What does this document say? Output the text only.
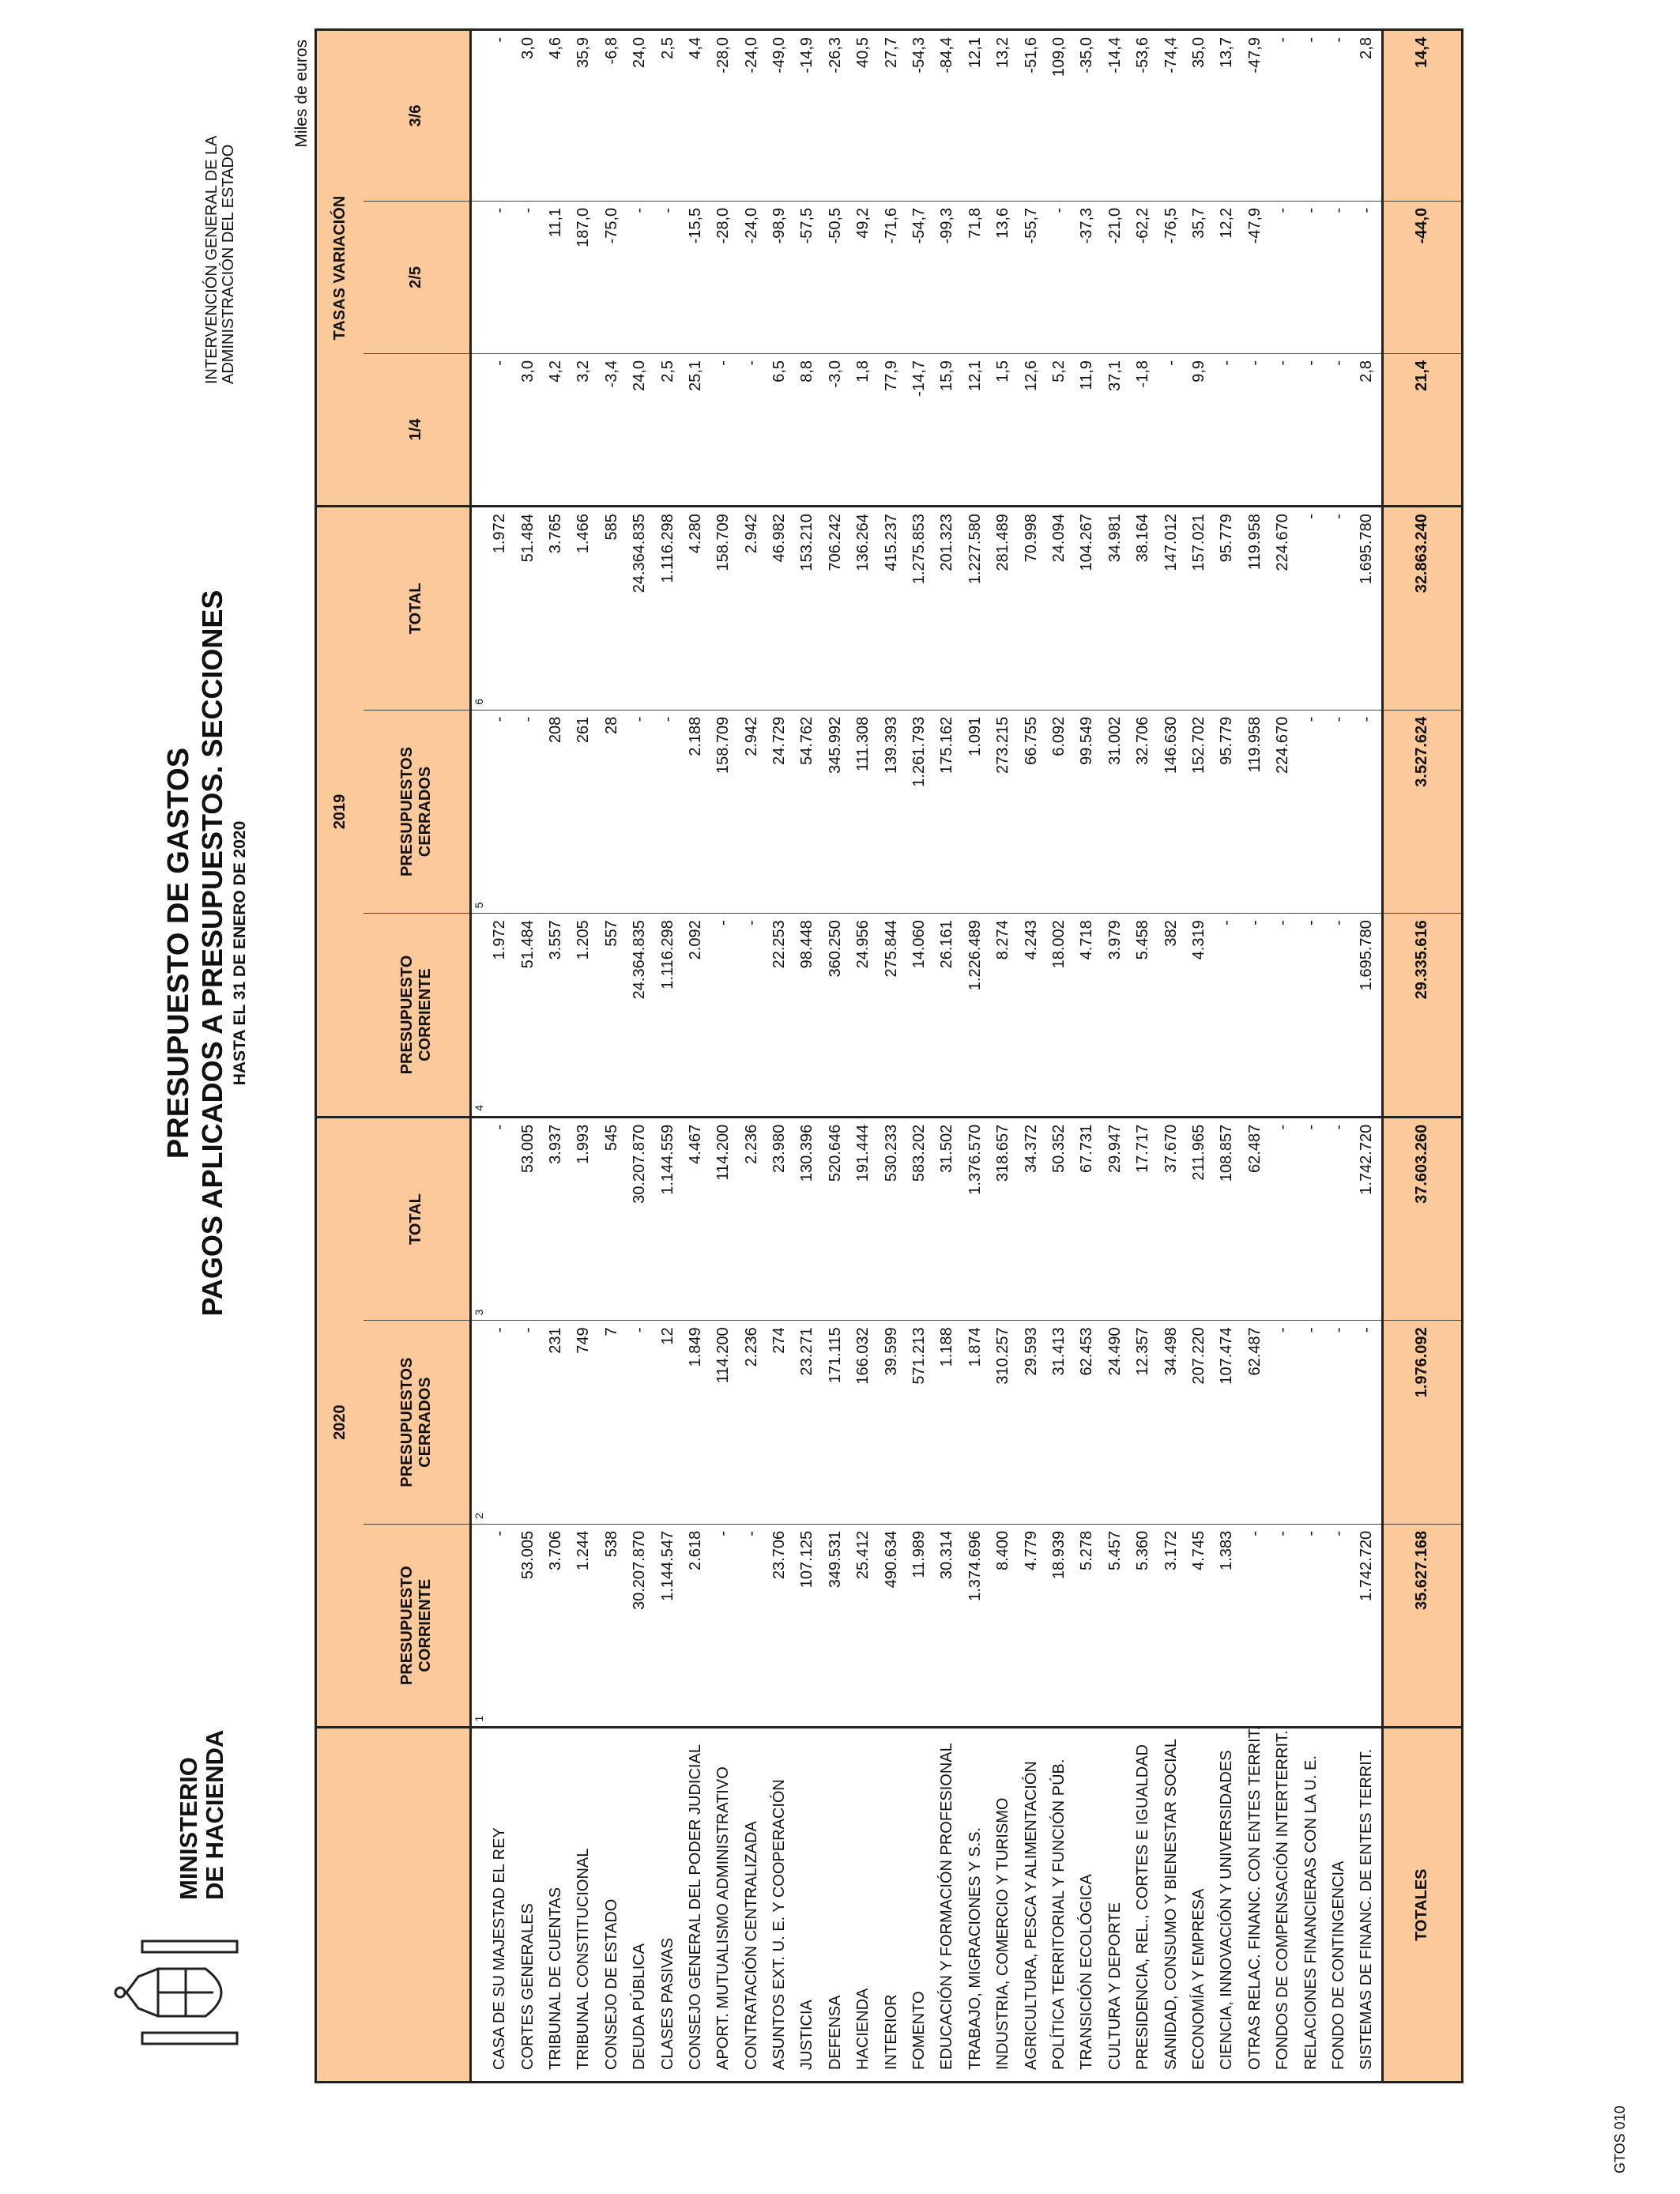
MINISTERIO
DE HACIENDA
PRESUPUESTO DE GASTOS PAGOS APLICADOS A PRESUPUESTOS. SECCIONES HASTA EL 31 DE ENERO DE 2020
INTERVENCIÓN GENERAL DE LA ADMINISTRACIÓN DEL ESTADO
Miles de euros
	2020			2019			TASAS VARIACIÓN		
	PRESUPUESTO CORRIENTE	PRESUPUESTOS CERRADOS	TOTAL	PRESUPUESTO CORRIENTE	PRESUPUESTOS CERRADOS	TOTAL	1/4	2/5	3/6
	1	2	3	4	5	6			
CASA DE SU MAJESTAD EL REY	-	-	-	1.972	-	1.972	-	-	-
CORTES GENERALES	53.005	-	53.005	51.484	-	51.484	3,0	-	3,0
TRIBUNAL DE CUENTAS	3.706	231	3.937	3.557	208	3.765	4,2	11,1	4,6
TRIBUNAL CONSTITUCIONAL	1.244	749	1.993	1.205	261	1.466	3,2	187,0	35,9
CONSEJO DE ESTADO	538	7	545	557	28	585	-3,4	-75,0	-6,8
DEUDA PÚBLICA	30.207.870	-	30.207.870	24.364.835	-	24.364.835	24,0	-	24,0
CLASES PASIVAS	1.144.547	12	1.144.559	1.116.298	-	1.116.298	2,5	-	2,5
CONSEJO GENERAL DEL PODER JUDICIAL	2.618	1.849	4.467	2.092	2.188	4.280	25,1	-15,5	4,4
APORT. MUTUALISMO ADMINISTRATIVO	-	114.200	114.200	-	158.709	158.709	-	-28,0	-28,0
CONTRATACIÓN CENTRALIZADA	-	2.236	2.236	-	2.942	2.942	-	-24,0	-24,0
ASUNTOS EXT. U. E. Y COOPERACIÓN	23.706	274	23.980	22.253	24.729	46.982	6,5	-98,9	-49,0
JUSTICIA	107.125	23.271	130.396	98.448	54.762	153.210	8,8	-57,5	-14,9
DEFENSA	349.531	171.115	520.646	360.250	345.992	706.242	-3,0	-50,5	-26,3
HACIENDA	25.412	166.032	191.444	24.956	111.308	136.264	1,8	49,2	40,5
INTERIOR	490.634	39.599	530.233	275.844	139.393	415.237	77,9	-71,6	27,7
FOMENTO	11.989	571.213	583.202	14.060	1.261.793	1.275.853	-14,7	-54,7	-54,3
EDUCACIÓN Y FORMACIÓN PROFESIONAL	30.314	1.188	31.502	26.161	175.162	201.323	15,9	-99,3	-84,4
TRABAJO, MIGRACIONES Y S.S.	1.374.696	1.874	1.376.570	1.226.489	1.091	1.227.580	12,1	71,8	12,1
INDUSTRIA, COMERCIO Y TURISMO	8.400	310.257	318.657	8.274	273.215	281.489	1,5	13,6	13,2
AGRICULTURA, PESCA Y ALIMENTACIÓN	4.779	29.593	34.372	4.243	66.755	70.998	12,6	-55,7	-51,6
POLÍTICA TERRITORIAL Y FUNCIÓN PÚB.	18.939	31.413	50.352	18.002	6.092	24.094	5,2	-	109,0
TRANSICIÓN ECOLÓGICA	5.278	62.453	67.731	4.718	99.549	104.267	11,9	-37,3	-35,0
CULTURA Y DEPORTE	5.457	24.490	29.947	3.979	31.002	34.981	37,1	-21,0	-14,4
PRESIDENCIA, REL., CORTES E IGUALDAD	5.360	12.357	17.717	5.458	32.706	38.164	-1,8	-62,2	-53,6
SANIDAD, CONSUMO Y BIENESTAR SOCIAL	3.172	34.498	37.670	382	146.630	147.012	-	-76,5	-74,4
ECONOMÍA Y EMPRESA	4.745	207.220	211.965	4.319	152.702	157.021	9,9	35,7	35,0
CIENCIA, INNOVACIÓN Y UNIVERSIDADES	1.383	107.474	108.857	-	95.779	95.779	-	12,2	13,7
OTRAS RELAC. FINANC. CON ENTES TERRIT.	-	62.487	62.487	-	119.958	119.958	-	-47,9	-47,9
FONDOS DE COMPENSACIÓN INTERTERRIT.	-	-	-	-	224.670	224.670	-	-	-
RELACIONES FINANCIERAS CON LA U. E.	-	-	-	-	-	-	-	-	-
FONDO DE CONTINGENCIA	-	-	-	-	-	-	-	-	-
SISTEMAS DE FINANC. DE ENTES TERRIT.	1.742.720	-	1.742.720	1.695.780	-	1.695.780	2,8	-	2,8
TOTALES	35.627.168	1.976.092	37.603.260	29.335.616	3.527.624	32.863.240	21,4	-44,0	14,4
GTOS 010
